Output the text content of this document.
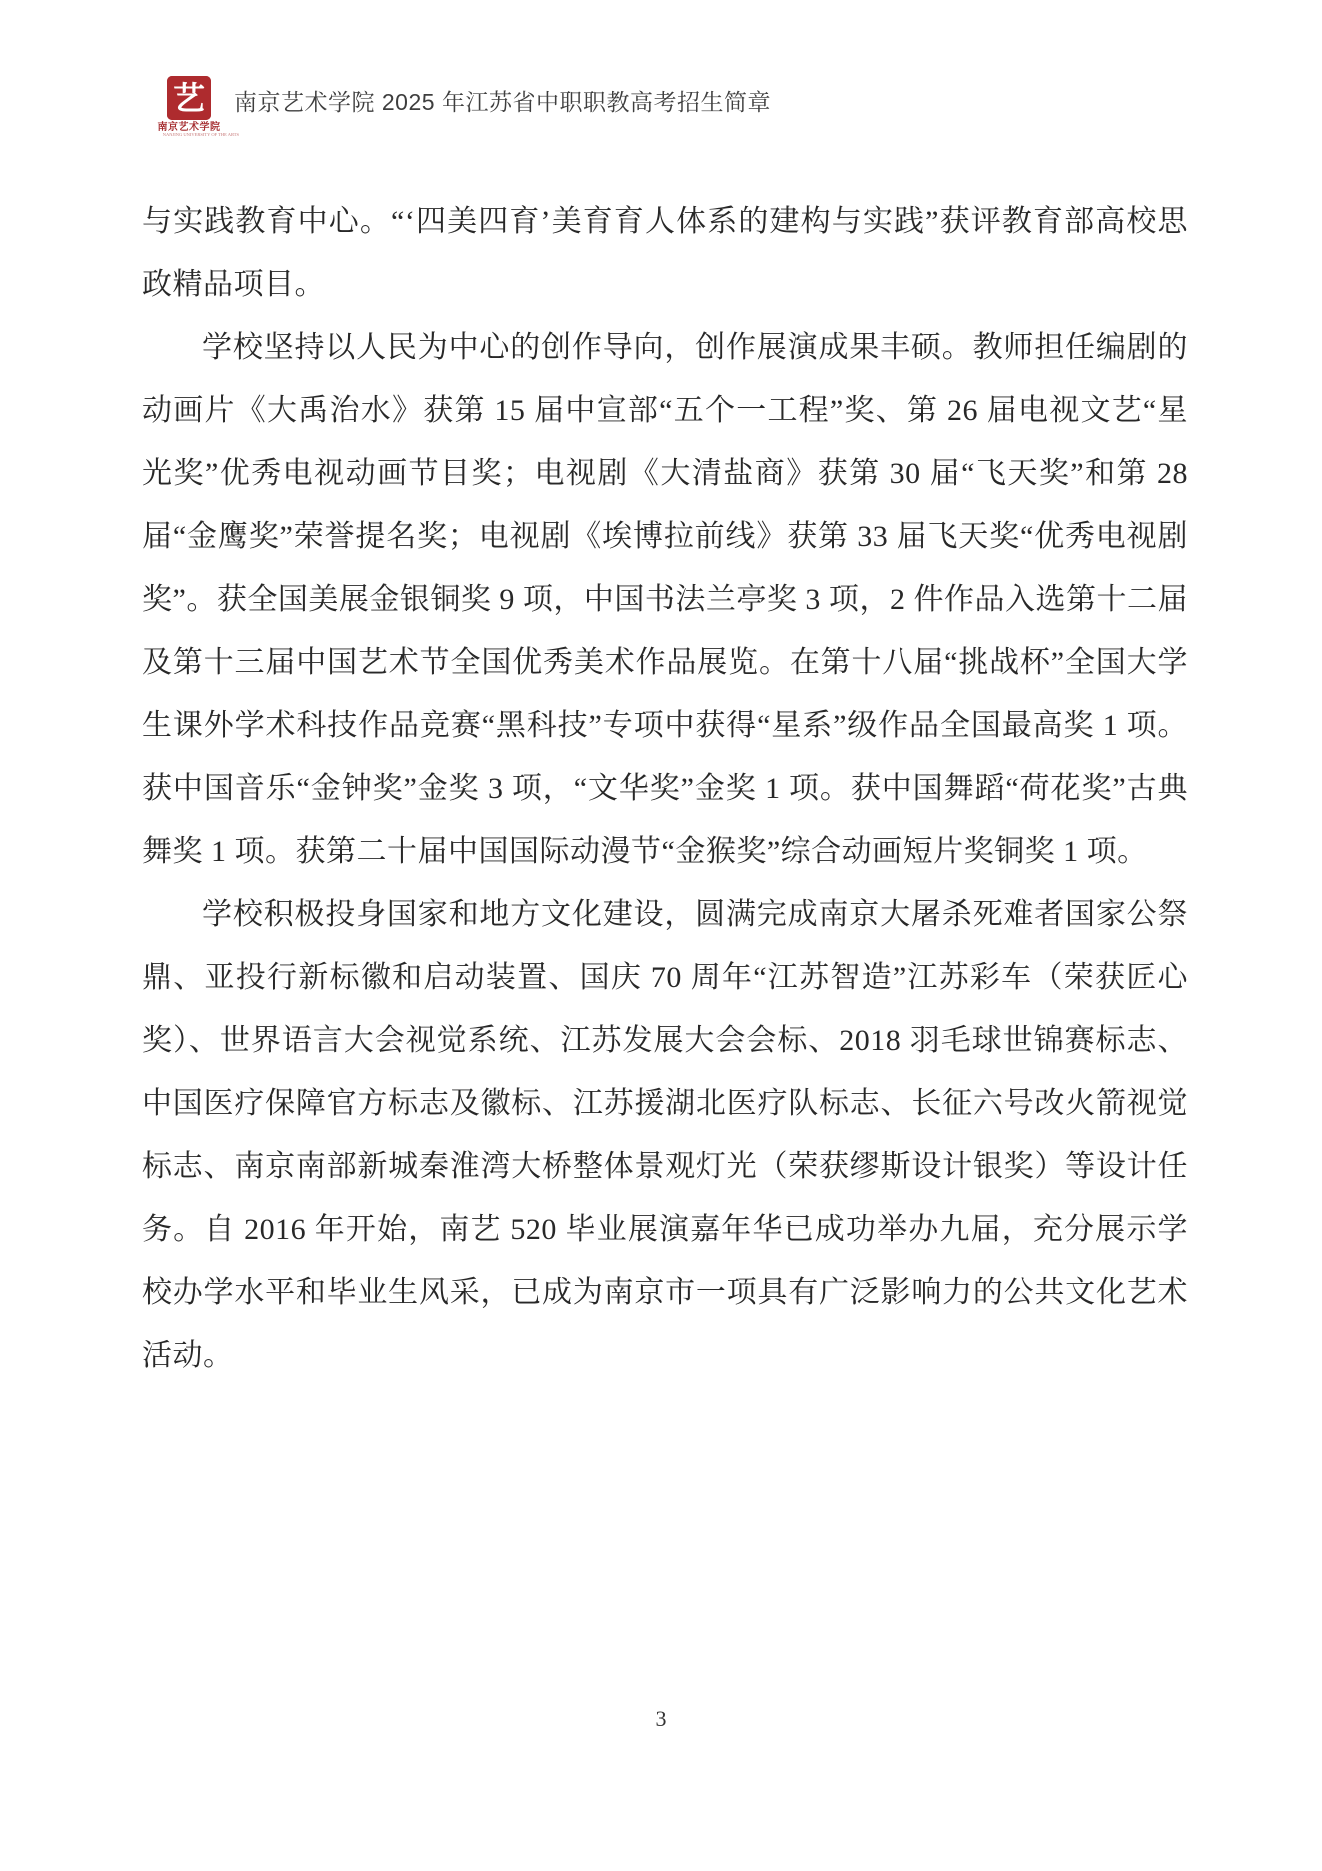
艺
南京艺术学院
NANJING UNIVERSITY OF THE ARTS
南京艺术学院 2025 年江苏省中职职教高考招生简章

与实践教育中心。“‘四美四育’美育育人体系的建构与实践”获评教育部高校思政精品项目。

学校坚持以人民为中心的创作导向，创作展演成果丰硕。教师担任编剧的动画片《大禹治水》获第 15 届中宣部“五个一工程”奖、第 26 届电视文艺“星光奖”优秀电视动画节目奖；电视剧《大清盐商》获第 30 届“飞天奖”和第 28 届“金鹰奖”荣誉提名奖；电视剧《埃博拉前线》获第 33 届飞天奖“优秀电视剧奖”。获全国美展金银铜奖 9 项，中国书法兰亭奖 3 项，2 件作品入选第十二届及第十三届中国艺术节全国优秀美术作品展览。在第十八届“挑战杯”全国大学生课外学术科技作品竞赛“黑科技”专项中获得“星系”级作品全国最高奖 1 项。获中国音乐“金钟奖”金奖 3 项，“文华奖”金奖 1 项。获中国舞蹈“荷花奖”古典舞奖 1 项。获第二十届中国国际动漫节“金猴奖”综合动画短片奖铜奖 1 项。

学校积极投身国家和地方文化建设，圆满完成南京大屠杀死难者国家公祭鼎、亚投行新标徽和启动装置、国庆 70 周年“江苏智造”江苏彩车（荣获匠心奖）、世界语言大会视觉系统、江苏发展大会会标、2018 羽毛球世锦赛标志、中国医疗保障官方标志及徽标、江苏援湖北医疗队标志、长征六号改火箭视觉标志、南京南部新城秦淮湾大桥整体景观灯光（荣获缪斯设计银奖）等设计任务。自 2016 年开始，南艺 520 毕业展演嘉年华已成功举办九届，充分展示学校办学水平和毕业生风采，已成为南京市一项具有广泛影响力的公共文化艺术活动。

3
